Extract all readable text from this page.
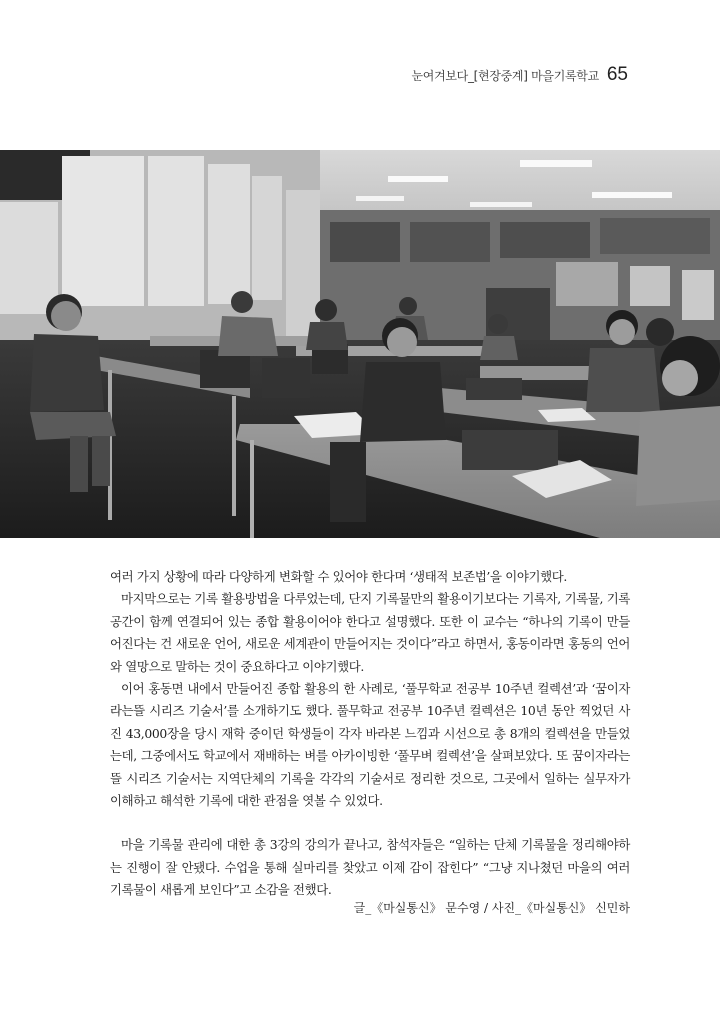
눈여겨보다_[현장중계] 마을기록학교 65

여러 가지 상황에 따라 다양하게 변화할 수 있어야 한다며 ‘생태적 보존법’을 이야기했다.

마지막으로는 기록 활용방법을 다루었는데, 단지 기록물만의 활용이기보다는 기록자, 기록물, 기록공간이 함께 연결되어 있는 종합 활용이어야 한다고 설명했다. 또한 이 교수는 “하나의 기록이 만들어진다는 건 새로운 언어, 새로운 세계관이 만들어지는 것이다”라고 하면서, 홍동이라면 홍동의 언어와 열망으로 말하는 것이 중요하다고 이야기했다.

이어 홍동면 내에서 만들어진 종합 활용의 한 사례로, ‘풀무학교 전공부 10주년 컬렉션’과 ‘꿈이자라는뜰 시리즈 기술서’를 소개하기도 했다. 풀무학교 전공부 10주년 컬렉션은 10년 동안 찍었던 사진 43,000장을 당시 재학 중이던 학생들이 각자 바라본 느낌과 시선으로 총 8개의 컬렉션을 만들었는데, 그중에서도 학교에서 재배하는 벼를 아카이빙한 ‘풀무벼 컬렉션’을 살펴보았다. 또 꿈이자라는뜰 시리즈 기술서는 지역단체의 기록을 각각의 기술서로 정리한 것으로, 그곳에서 일하는 실무자가 이해하고 해석한 기록에 대한 관점을 엿볼 수 있었다.

마을 기록물 관리에 대한 총 3강의 강의가 끝나고, 참석자들은 “일하는 단체 기록물을 정리해야하는 진행이 잘 안됐다. 수업을 통해 실마리를 찾았고 이제 감이 잡힌다” “그냥 지나쳤던 마을의 여러 기록물이 새롭게 보인다”고 소감을 전했다.

글_《마실통신》 문수영 / 사진_《마실통신》 신민하
